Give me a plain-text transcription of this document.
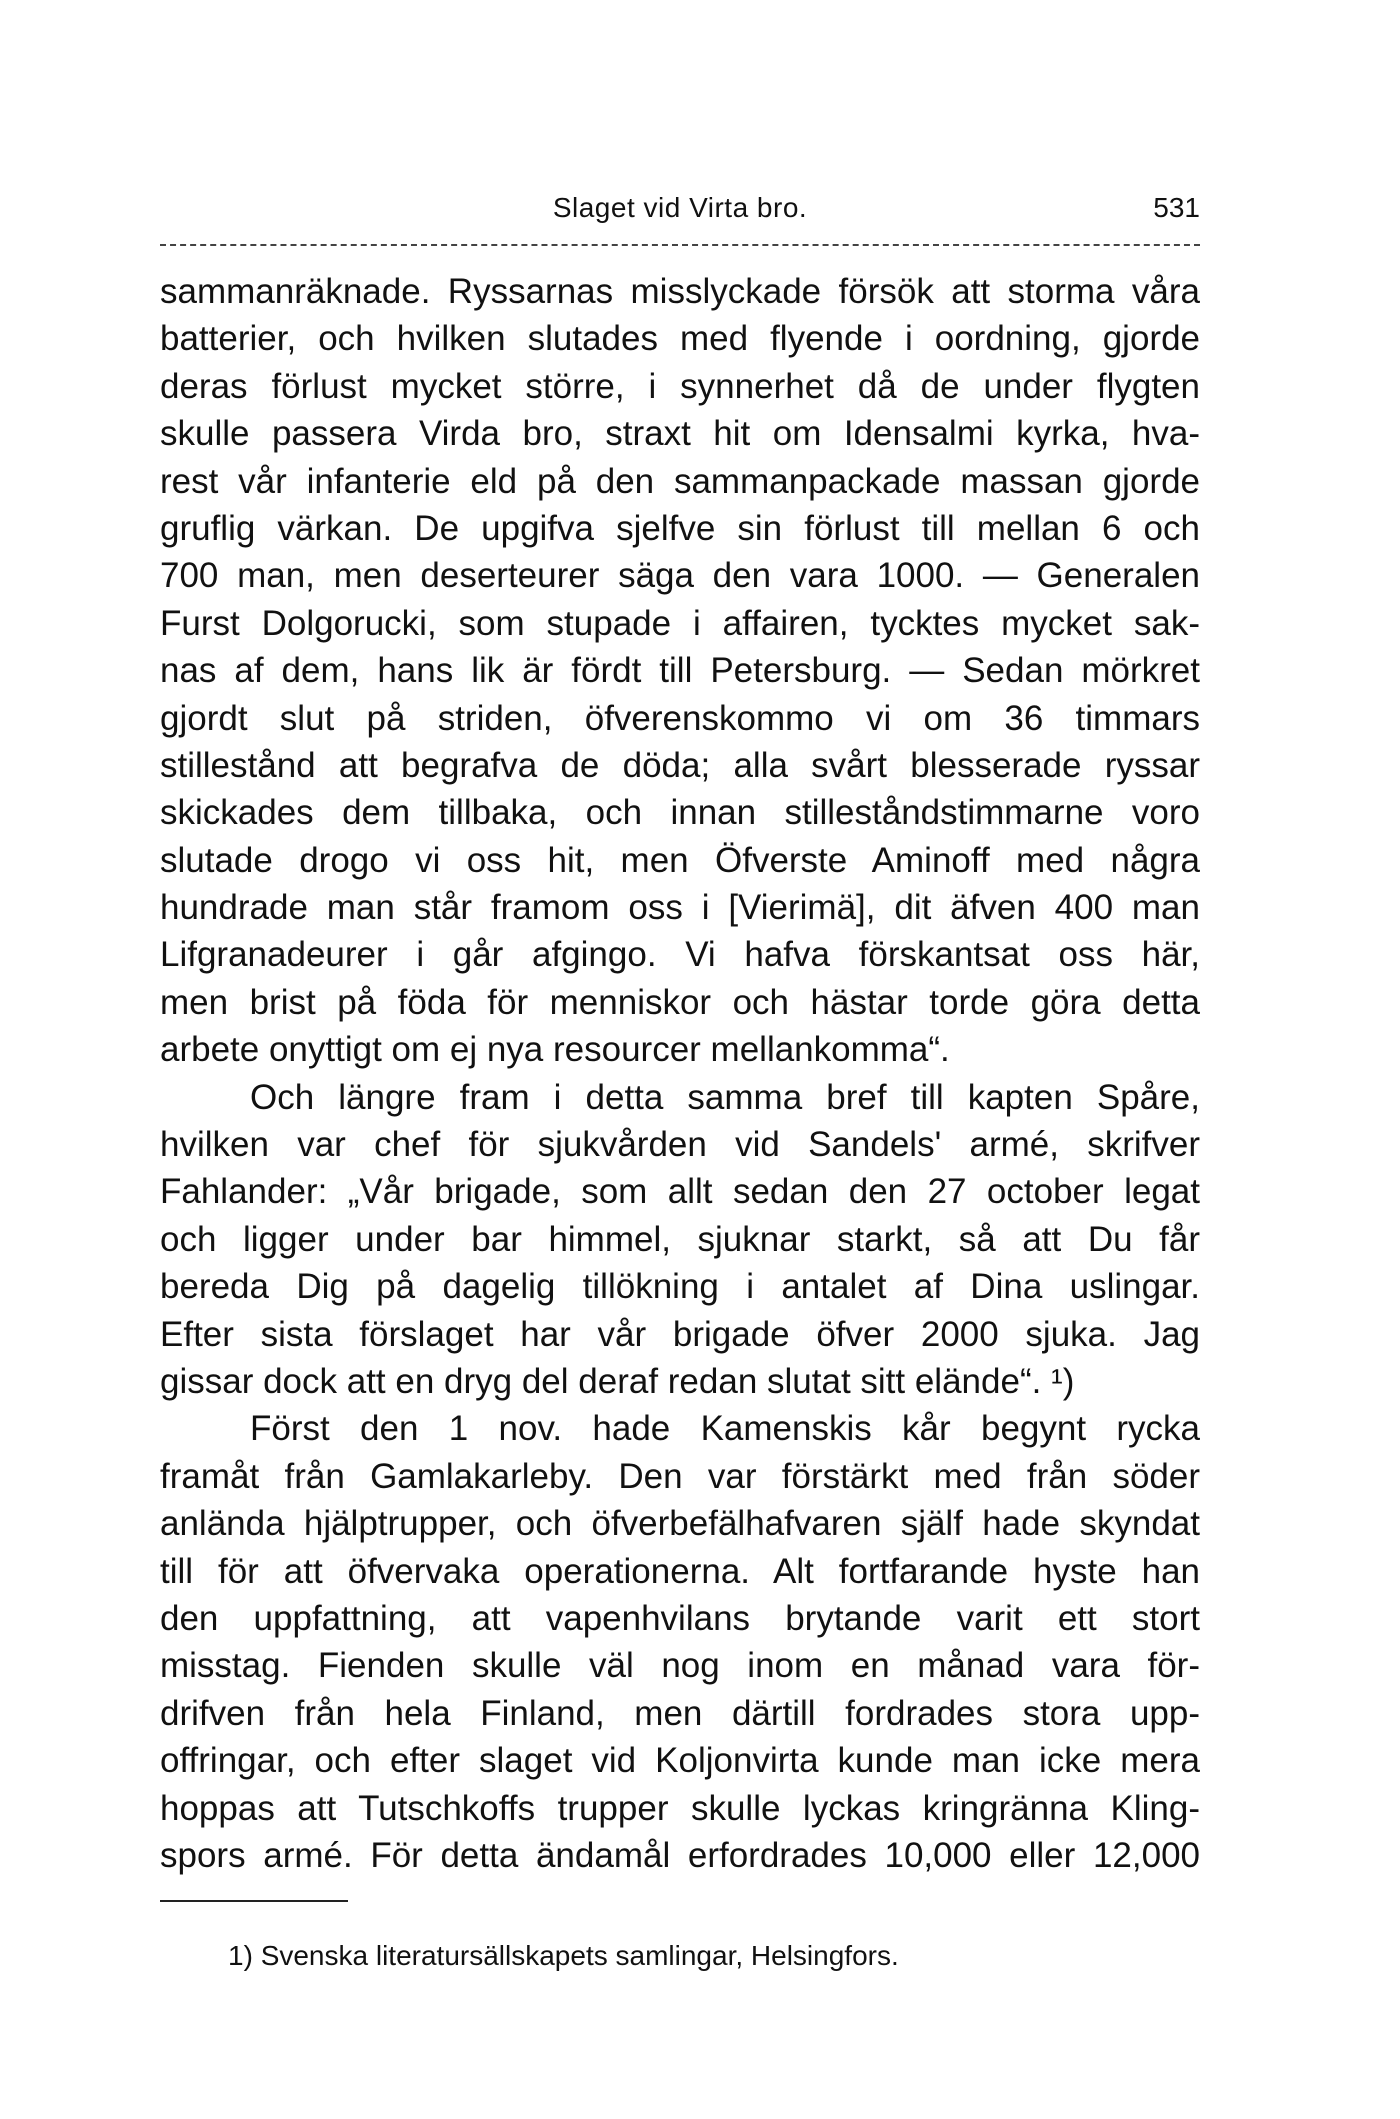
Slaget vid Virta bro.	531
sammanräknade. Ryssarnas misslyckade försök att storma våra
batterier, och hvilken slutades med flyende i oordning, gjorde
deras förlust mycket större, i synnerhet då de under flygten
skulle passera Virda bro, straxt hit om Idensalmi kyrka, hva-
rest vår infanterie eld på den sammanpackade massan gjorde
gruflig värkan. De upgifva sjelfve sin förlust till mellan 6 och
700 man, men deserteurer säga den vara 1000. — Generalen
Furst Dolgorucki, som stupade i affairen, tycktes mycket sak-
nas af dem, hans lik är fördt till Petersburg. — Sedan mörkret
gjordt slut på striden, öfverenskommo vi om 36 timmars
stillestånd att begrafva de döda; alla svårt blesserade ryssar
skickades dem tillbaka, och innan stilleståndstimmarne voro
slutade drogo vi oss hit, men Öfverste Aminoff med några
hundrade man står framom oss i [Vierimä], dit äfven 400 man
Lifgranadeurer i går afgingo. Vi hafva förskantsat oss här,
men brist på föda för menniskor och hästar torde göra detta
arbete onyttigt om ej nya resourcer mellankomma“.
Och längre fram i detta samma bref till kapten Spåre,
hvilken var chef för sjukvården vid Sandels' armé, skrifver
Fahlander: „Vår brigade, som allt sedan den 27 october legat
och ligger under bar himmel, sjuknar starkt, så att Du får
bereda Dig på dagelig tillökning i antalet af Dina uslingar.
Efter sista förslaget har vår brigade öfver 2000 sjuka. Jag
gissar dock att en dryg del deraf redan slutat sitt elände“. ¹)
Först den 1 nov. hade Kamenskis kår begynt rycka
framåt från Gamlakarleby. Den var förstärkt med från söder
anlända hjälptrupper, och öfverbefälhafvaren själf hade skyndat
till för att öfvervaka operationerna. Alt fortfarande hyste han
den uppfattning, att vapenhvilans brytande varit ett stort
misstag. Fienden skulle väl nog inom en månad vara för-
drifven från hela Finland, men därtill fordrades stora upp-
offringar, och efter slaget vid Koljonvirta kunde man icke mera
hoppas att Tutschkoffs trupper skulle lyckas kringränna Kling-
spors armé. För detta ändamål erfordrades 10,000 eller 12,000
1) Svenska literatursällskapets samlingar, Helsingfors.
